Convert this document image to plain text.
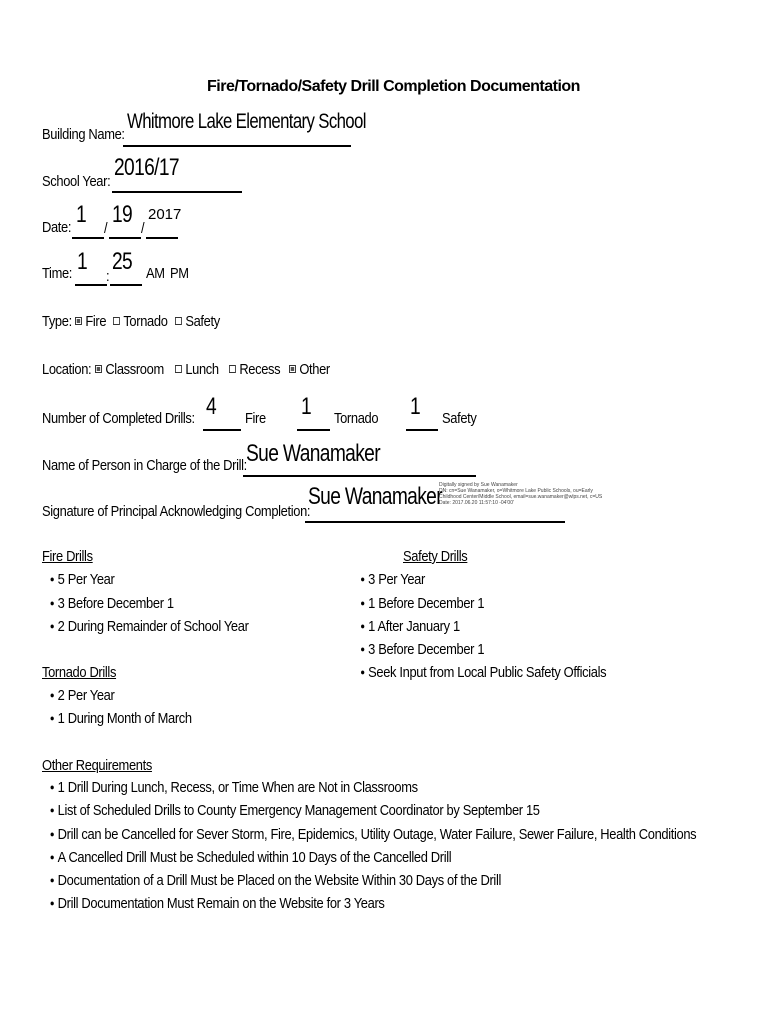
Fire/Tornado/Safety Drill Completion Documentation
Building Name:
Whitmore Lake Elementary School
School Year:
2016/17
Date: 1
/
19
/
2017
Time: 1
:
25 AM PM
Type: Fire	Tornado	Safety
Location: Classroom	Lunch	Recess	Other
Number of Completed Drills: 4 Fire 1 Tornado 1 Safety
Name of Person in Charge of the Drill: Sue Wanamaker
Signature of Principal Acknowledging Completion:
Sue Wanamaker
Digitally signed by Sue Wanamaker
DN: cn=Sue Wanamaker, o=Whitmore Lake Public Schools, ou=Early
Childhood Center/Middle School, email=sue.wanamaker@wlps.net, c=US
Date: 2017.06.20 11:57:10 -04'00'
Fire Drills
● 5 Per Year
● 3 Before December 1
● 2 During Remainder of School Year
Tornado Drills
● 2 Per Year
● 1 During Month of March
Safety Drills
● 3 Per Year
● 1 Before December 1
● 1 After January 1
● 3 Before December 1
● Seek Input from Local Public Safety Officials
Other Requirements
● 1 Drill During Lunch, Recess, or Time When are Not in Classrooms
● List of Scheduled Drills to County Emergency Management Coordinator by September 15
● Drill can be Cancelled for Sever Storm, Fire, Epidemics, Utility Outage, Water Failure, Sewer Failure, Health Conditions
● A Cancelled Drill Must be Scheduled within 10 Days of the Cancelled Drill
● Documentation of a Drill Must be Placed on the Website Within 30 Days of the Drill
● Drill Documentation Must Remain on the Website for 3 Years
